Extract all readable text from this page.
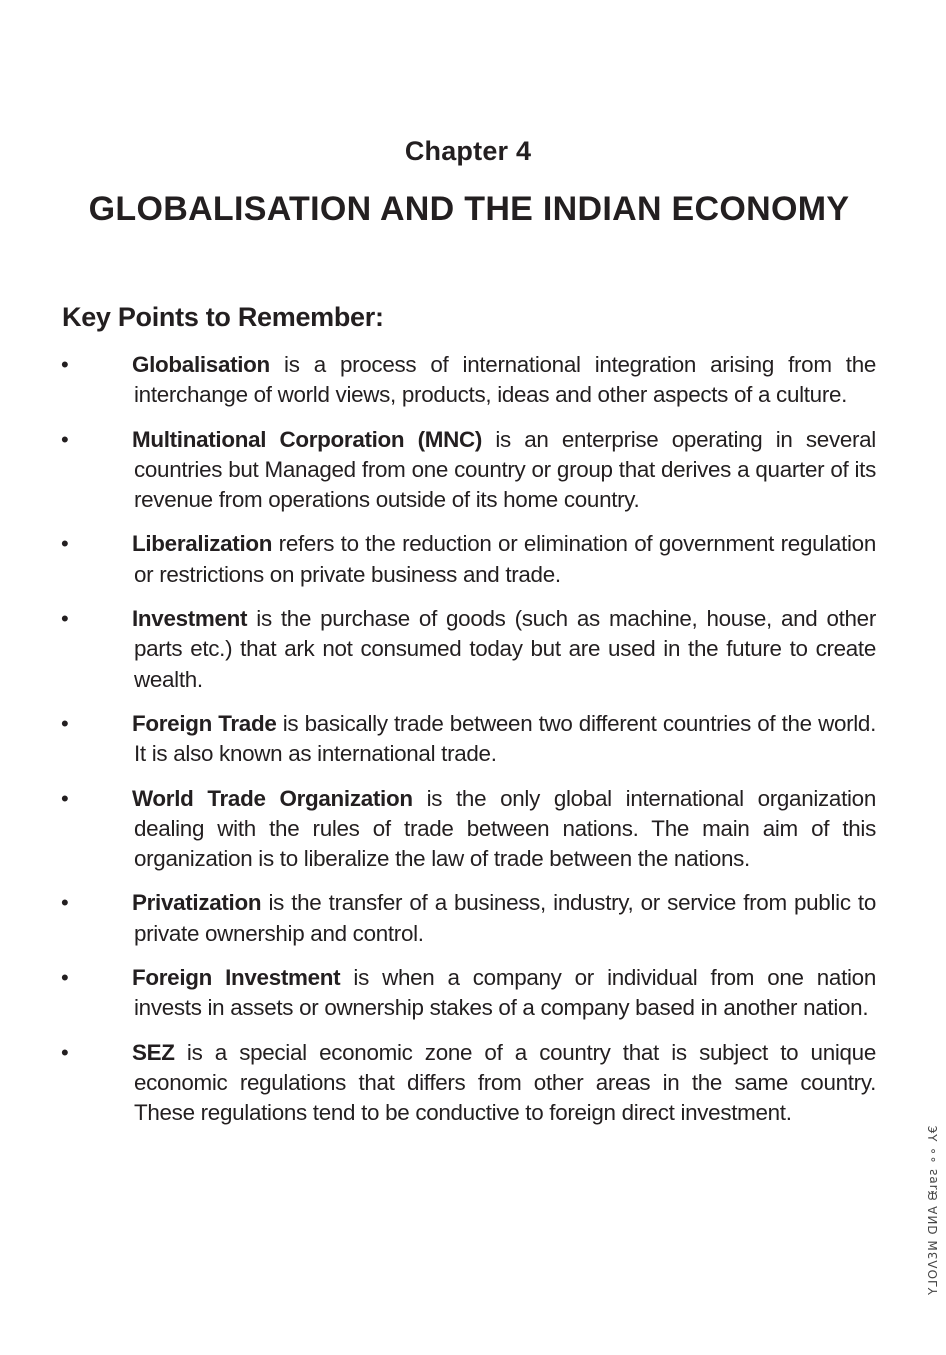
Chapter 4
GLOBALISATION AND THE INDIAN ECONOMY
Key Points to Remember:
•	Globalisation is a process of international integration arising from the interchange of world views, products, ideas and other aspects of a culture.
•	Multinational Corporation (MNC) is an enterprise operating in several countries but Managed from one country or group that derives a quarter of its revenue from operations outside of its home country.
•	Liberalization refers to the reduction or elimination of government regulation or restrictions on private business and trade.
•	Investment is the purchase of goods (such as machine, house, and other parts etc.) that ark not consumed today but are used in the future to create wealth.
•	Foreign Trade is basically trade between two different countries of the world. It is also known as international trade.
•	World Trade Organization is the only global international organization dealing with the rules of trade between nations. The main aim of this organization is to liberalize the law of trade between the nations.
•	Privatization is the transfer of a business, industry, or service from public to private ownership and control.
•	Foreign Investment is when a company or individual from one nation invests in assets or ownership stakes of a company based in another nation.
•	SEZ is a special economic zone of a country that is subject to unique economic regulations that differs from other areas in the same country. These regulations tend to be conductive to foreign direct investment.
Y⅃OɅ3ꟽ ᗡИA ᙠɹɐƨ ∘∘ ⅄€
